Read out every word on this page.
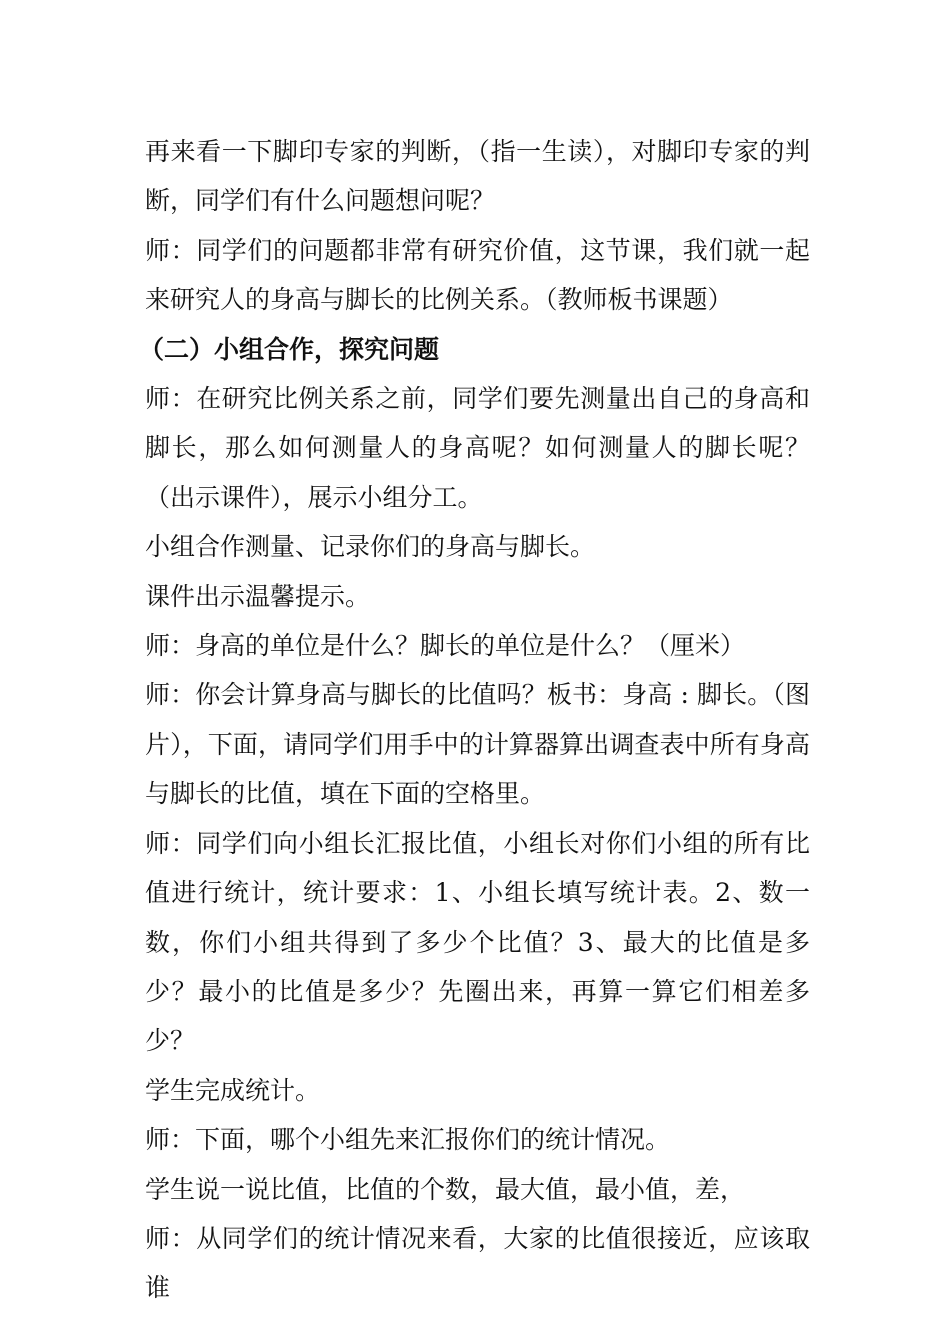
再来看一下脚印专家的判断，（指一生读），对脚印专家的判断，同学们有什么问题想问呢？

师：同学们的问题都非常有研究价值，这节课，我们就一起来研究人的身高与脚长的比例关系。（教师板书课题）

（二）小组合作，探究问题

师：在研究比例关系之前，同学们要先测量出自己的身高和脚长，那么如何测量人的身高呢？如何测量人的脚长呢？（出示课件），展示小组分工。

小组合作测量、记录你们的身高与脚长。

课件出示温馨提示。

师：身高的单位是什么？脚长的单位是什么？（厘米）

师：你会计算身高与脚长的比值吗？板书：身高 : 脚长。（图片），下面，请同学们用手中的计算器算出调查表中所有身高与脚长的比值，填在下面的空格里。

师：同学们向小组长汇报比值，小组长对你们小组的所有比值进行统计，统计要求：1、小组长填写统计表。2、数一数，你们小组共得到了多少个比值？3、最大的比值是多少？最小的比值是多少？先圈出来，再算一算它们相差多少？

学生完成统计。

师：下面，哪个小组先来汇报你们的统计情况。

学生说一说比值，比值的个数，最大值，最小值，差，

师：从同学们的统计情况来看，大家的比值很接近，应该取谁
